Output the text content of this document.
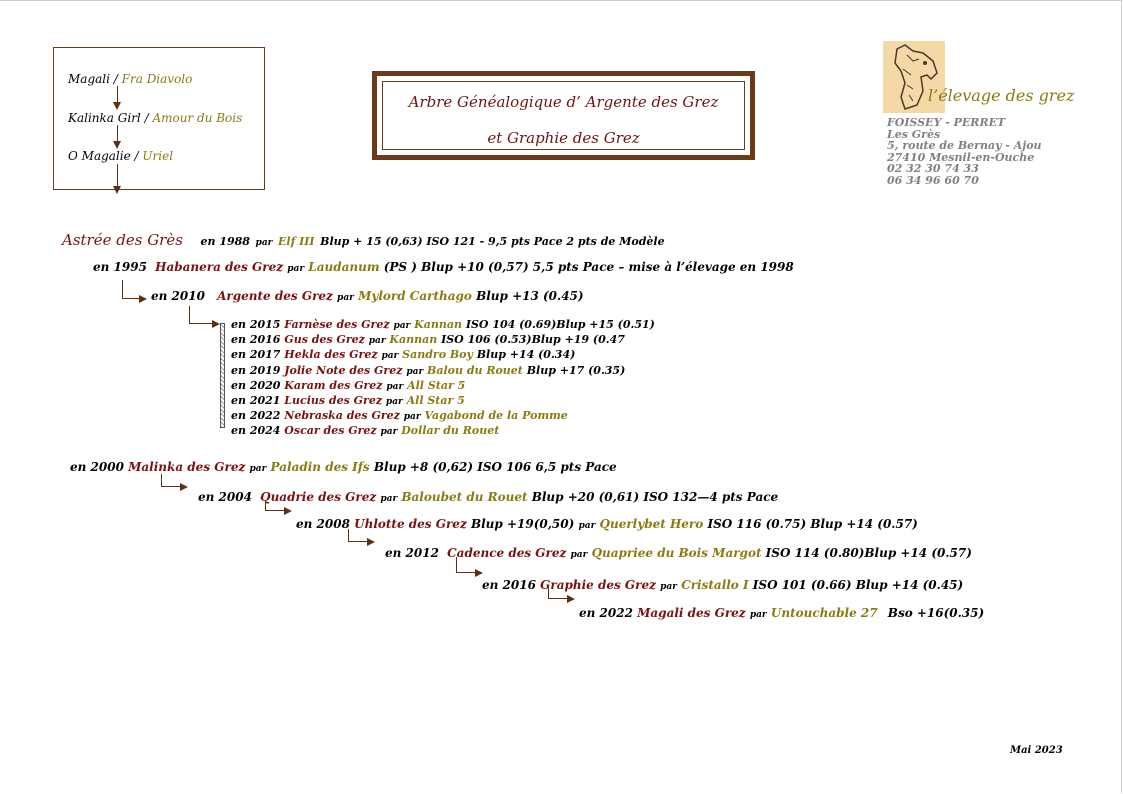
Magali / Fra Diavolo
Kalinka Girl / Amour du Bois
O Magalie / Uriel
Arbre Généalogique d’ Argente des Grez
et Graphie des Grez
l’élevage des grez
FOISSEY - PERRET
Les Grès
5, route de Bernay - Ajou
27410 Mesnil-en-Ouche
02 32 30 74 33
06 34 96 60 70
Astrée des Grès en 1988 par Elf III Blup + 15 (0,63) ISO 121 - 9,5 pts Pace 2 pts de Modèle
en 1995 Habanera des Grez par Laudanum (PS ) Blup +10 (0,57) 5,5 pts Pace – mise à l’élevage en 1998
en 2010 Argente des Grez par Mylord Carthago Blup +13 (0.45)
en 2015 Farnèse des Grez par Kannan ISO 104 (0.69)Blup +15 (0.51)
en 2016 Gus des Grez par Kannan ISO 106 (0.53)Blup +19 (0.47
en 2017 Hekla des Grez par Sandro Boy Blup +14 (0.34)
en 2019 Jolie Note des Grez par Balou du Rouet Blup +17 (0.35)
en 2020 Karam des Grez par All Star 5
en 2021 Lucius des Grez par All Star 5
en 2022 Nebraska des Grez par Vagabond de la Pomme
en 2024 Oscar des Grez par Dollar du Rouet
en 2000 Malinka des Grez par Paladin des Ifs Blup +8 (0,62) ISO 106 6,5 pts Pace
en 2004 Quadrie des Grez par Baloubet du Rouet Blup +20 (0,61) ISO 132—4 pts Pace
en 2008 Uhlotte des Grez Blup +19(0,50) par Querlybet Hero ISO 116 (0.75) Blup +14 (0.57)
en 2012 Cadence des Grez par Quapriee du Bois Margot ISO 114 (0.80)Blup +14 (0.57)
en 2016 Graphie des Grez par Cristallo I ISO 101 (0.66) Blup +14 (0.45)
en 2022 Magali des Grez par Untouchable 27 Bso +16(0.35)
Mai 2023
